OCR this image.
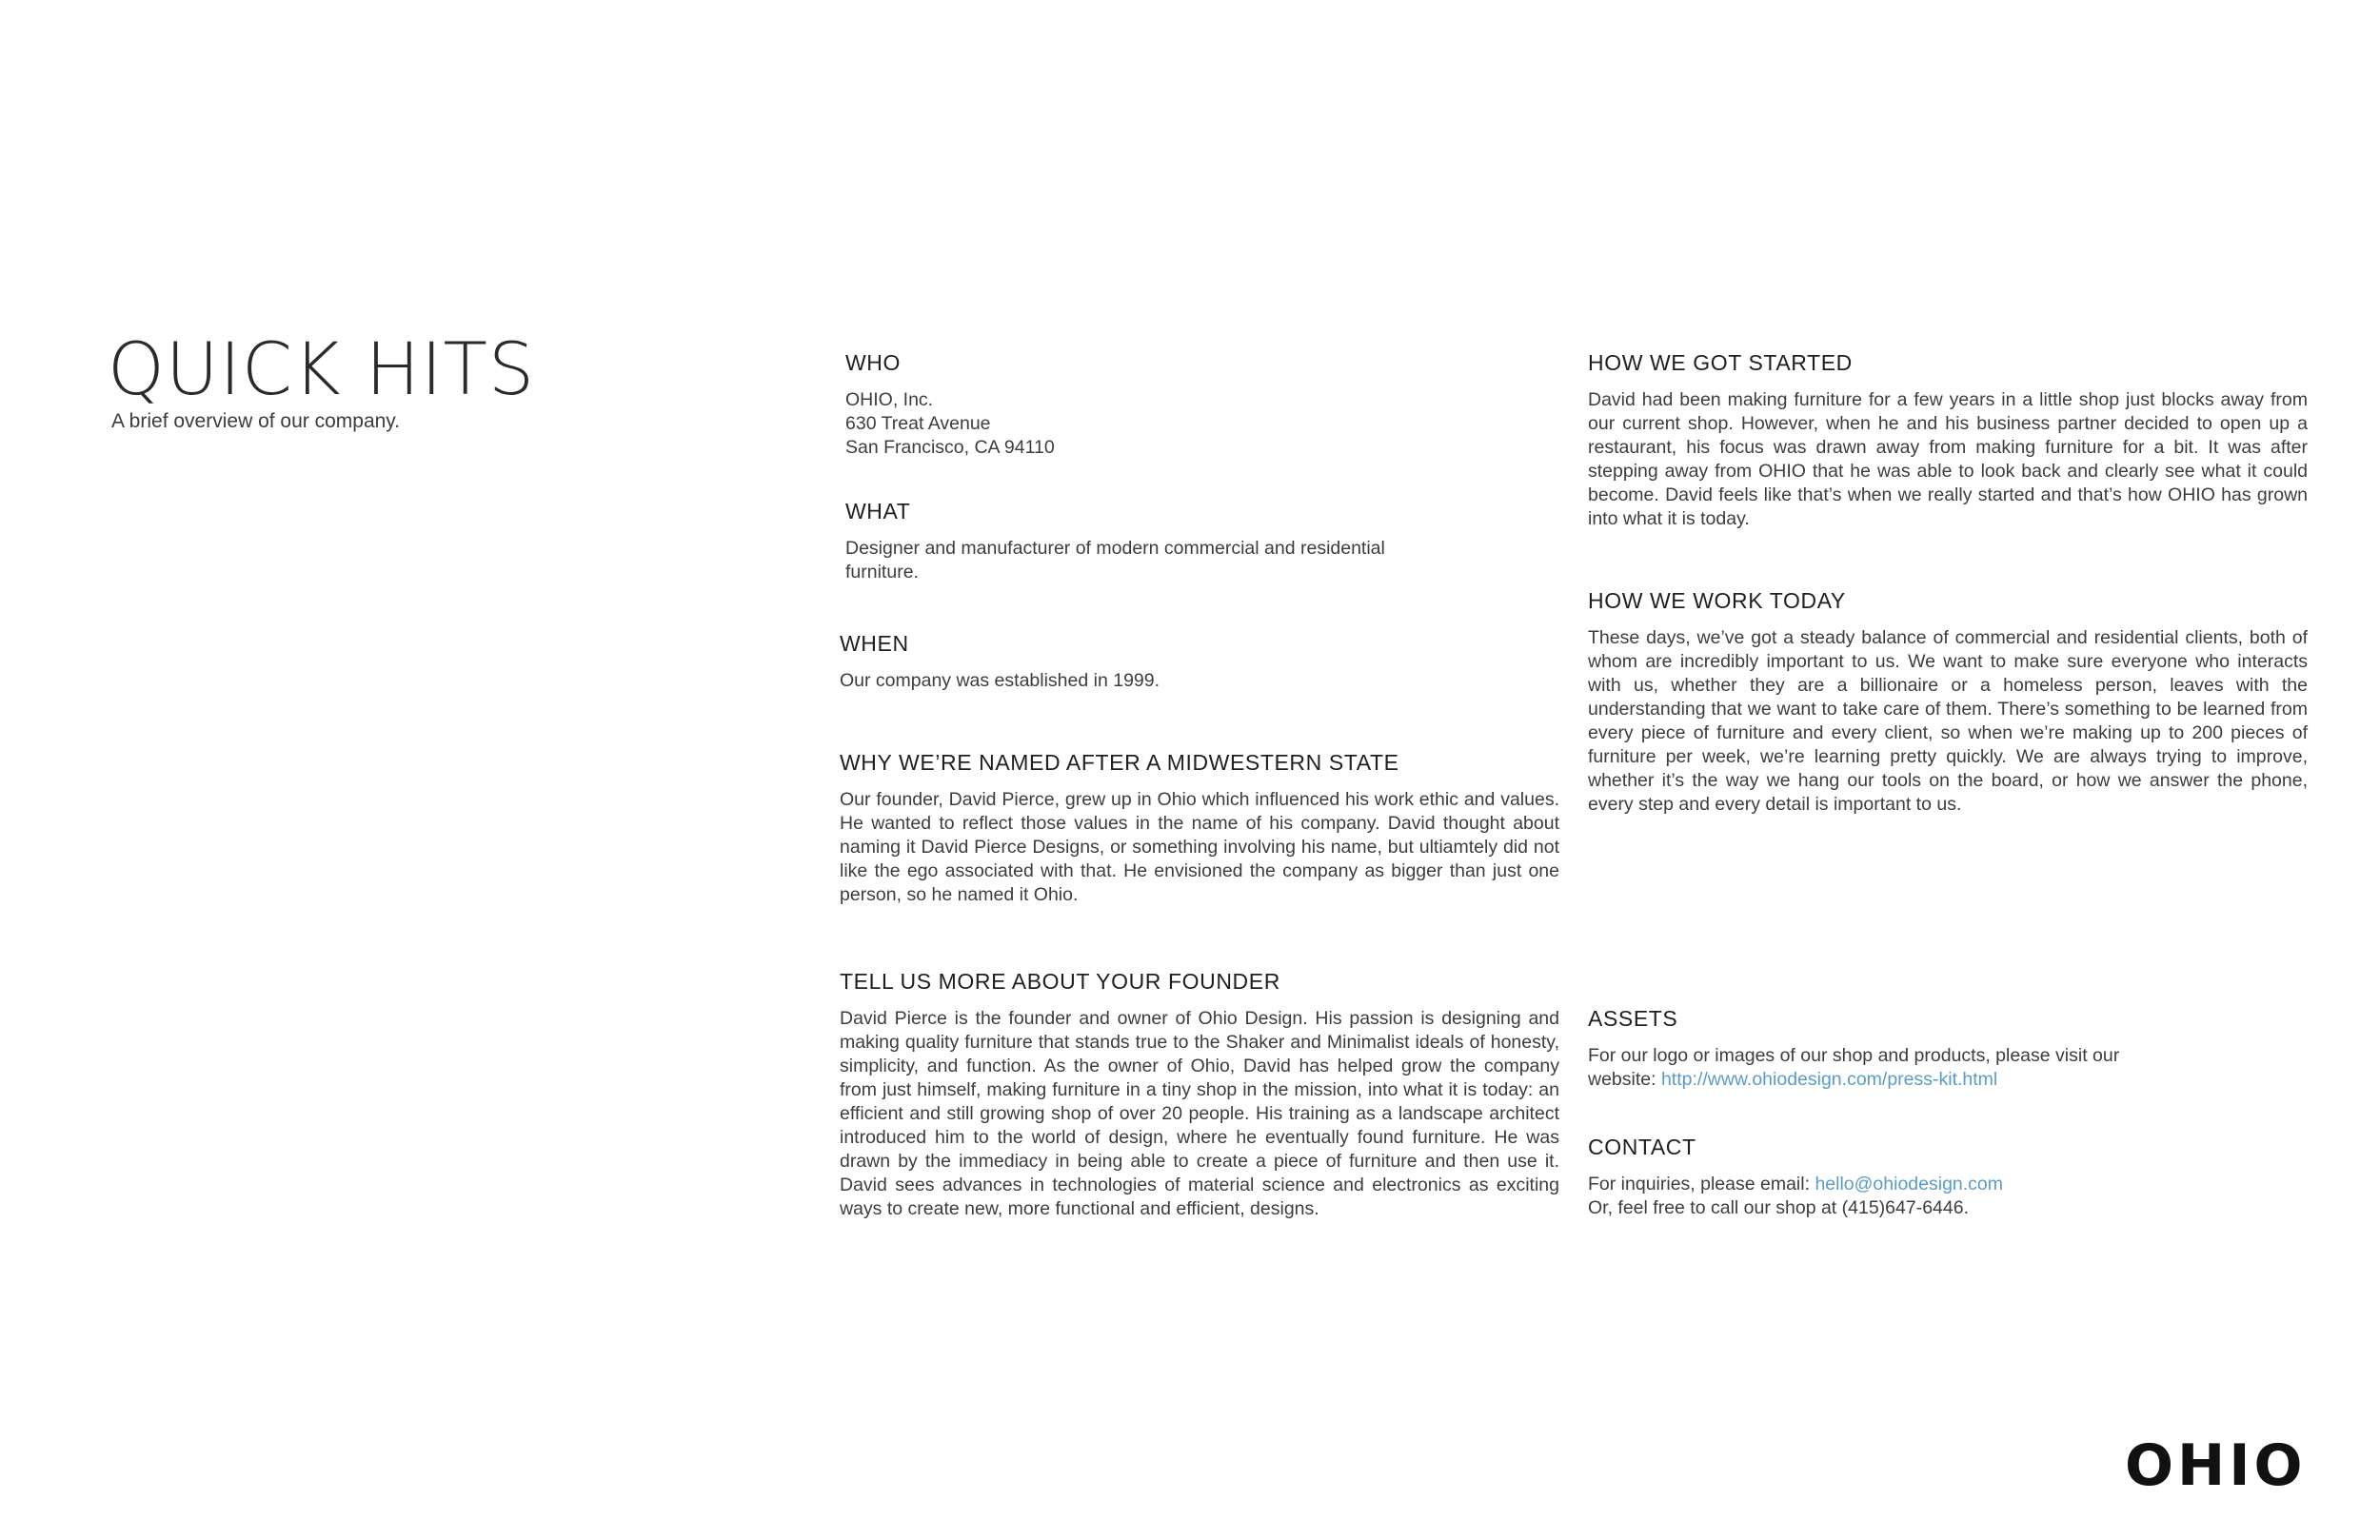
QUICK HITS
A brief overview of our company.
WHO

OHIO, Inc.
630 Treat Avenue
San Francisco, CA 94110

WHAT

Designer and manufacturer of modern commercial and residential furniture.

WHEN

Our company was established in 1999.

WHY WE’RE NAMED AFTER A MIDWESTERN STATE

Our founder, David Pierce, grew up in Ohio which influenced his work ethic and values. He wanted to reflect those values in the name of his company. David thought about naming it David Pierce Designs, or something involving his name, but ultiamtely did not like the ego associated with that. He envisioned the company as bigger than just one person, so he named it Ohio.

TELL US MORE ABOUT YOUR FOUNDER

David Pierce is the founder and owner of Ohio Design. His passion is designing and making quality furniture that stands true to the Shaker and Minimalist ideals of honesty, simplicity, and function. As the owner of Ohio, David has helped grow the company from just himself, making furniture in a tiny shop in the mission, into what it is today: an efficient and still growing shop of over 20 people. His training as a landscape architect introduced him to the world of design, where he eventually found furniture. He was drawn by the immediacy in being able to create a piece of furniture and then use it. David sees advances in technologies of material science and electronics as exciting ways to create new, more functional and efficient, designs.

HOW WE GOT STARTED

David had been making furniture for a few years in a little shop just blocks away from our current shop. However, when he and his business partner decided to open up a restaurant, his focus was drawn away from making furniture for a bit. It was after stepping away from OHIO that he was able to look back and clearly see what it could become. David feels like that’s when we really started and that’s how OHIO has grown into what it is today.

HOW WE WORK TODAY

These days, we’ve got a steady balance of commercial and residential clients, both of whom are incredibly important to us. We want to make sure everyone who interacts with us, whether they are a billionaire or a homeless person, leaves with the understanding that we want to take care of them. There’s something to be learned from every piece of furniture and every client, so when we’re making up to 200 pieces of furniture per week, we’re learning pretty quickly. We are always trying to improve, whether it’s the way we hang our tools on the board, or how we answer the phone, every step and every detail is important to us.

ASSETS

For our logo or images of our shop and products, please visit our website: http://www.ohiodesign.com/press-kit.html

CONTACT

For inquiries, please email: hello@ohiodesign.com
Or, feel free to call our shop at (415)647-6446.

OHIO
